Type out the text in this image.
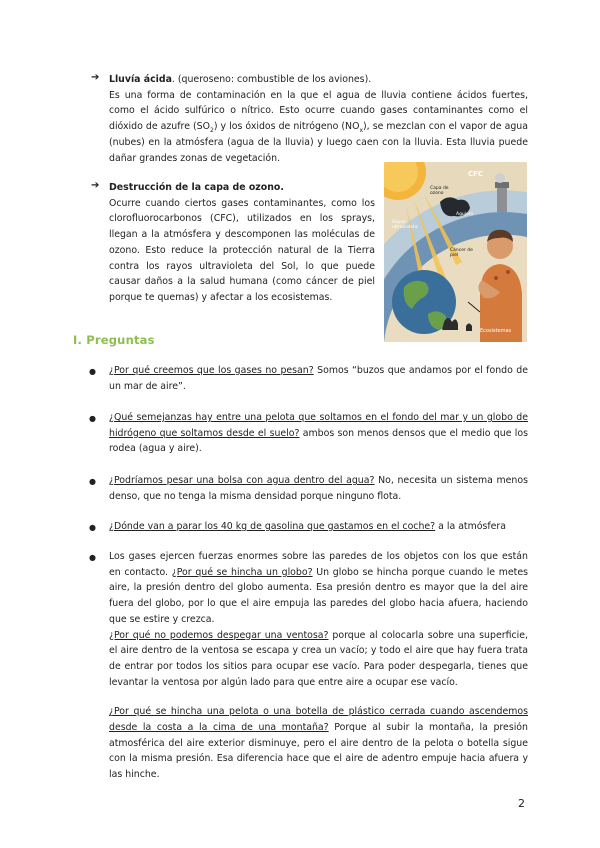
➔ Lluvía ácida. (queroseno: combustible de los aviones).
Es una forma de contaminación en la que el agua de lluvia contiene ácidos fuertes, como el ácido sulfúrico o nítrico. Esto ocurre cuando gases contaminantes como el dióxido de azufre $(SO_2)$ y los óxidos de nitrógeno $(NO_x)$, se mezclan con el vapor de agua (nubes) en la atmósfera (agua de la lluvia) y luego caen con la lluvia. Esta lluvia puede dañar grandes zonas de vegetación.
➔ Destrucción de la capa de ozono.
Ocurre cuando ciertos gases contaminantes, como los clorofluorocarbonos (CFC), utilizados en los sprays, llegan a la atmósfera y descomponen las moléculas de ozono. Esto reduce la protección natural de la Tierra contra los rayos ultravioleta del Sol, lo que puede causar daños a la salud humana (como cáncer de piel porque te quemas) y afectar a los ecosistemas.
CFC
Capa de ozono
Agujero
Rayos ultravioleta
Cáncer de piel
Ecosistemas
I. Preguntas
● ¿Por qué creemos que los gases no pesan? Somos “buzos que andamos por el fondo de un mar de aire”.
● ¿Qué semejanzas hay entre una pelota que soltamos en el fondo del mar y un globo de hidrógeno que soltamos desde el suelo? ambos son menos densos que el medio que los rodea (agua y aire).
● ¿Podríamos pesar una bolsa con agua dentro del agua? No, necesita un sistema menos denso, que no tenga la misma densidad porque ninguno flota.
● ¿Dónde van a parar los 40 kg de gasolina que gastamos en el coche? a la atmósfera
● Los gases ejercen fuerzas enormes sobre las paredes de los objetos con los que están en contacto. ¿Por qué se hincha un globo? Un globo se hincha porque cuando le metes aire, la presión dentro del globo aumenta. Esa presión dentro es mayor que la del aire fuera del globo, por lo que el aire empuja las paredes del globo hacia afuera, haciendo que se estire y crezca.
¿Por qué no podemos despegar una ventosa? porque al colocarla sobre una superficie, el aire dentro de la ventosa se escapa y crea un vacío; y todo el aire que hay fuera trata de entrar por todos los sitios para ocupar ese vacío. Para poder despegarla, tienes que levantar la ventosa por algún lado para que entre aire a ocupar ese vacío.

¿Por qué se hincha una pelota o una botella de plástico cerrada cuando ascendemos desde la costa a la cima de una montaña? Porque al subir la montaña, la presión atmosférica del aire exterior disminuye, pero el aire dentro de la pelota o botella sigue con la misma presión. Esa diferencia hace que el aire de adentro empuje hacia afuera y las hinche.
2
